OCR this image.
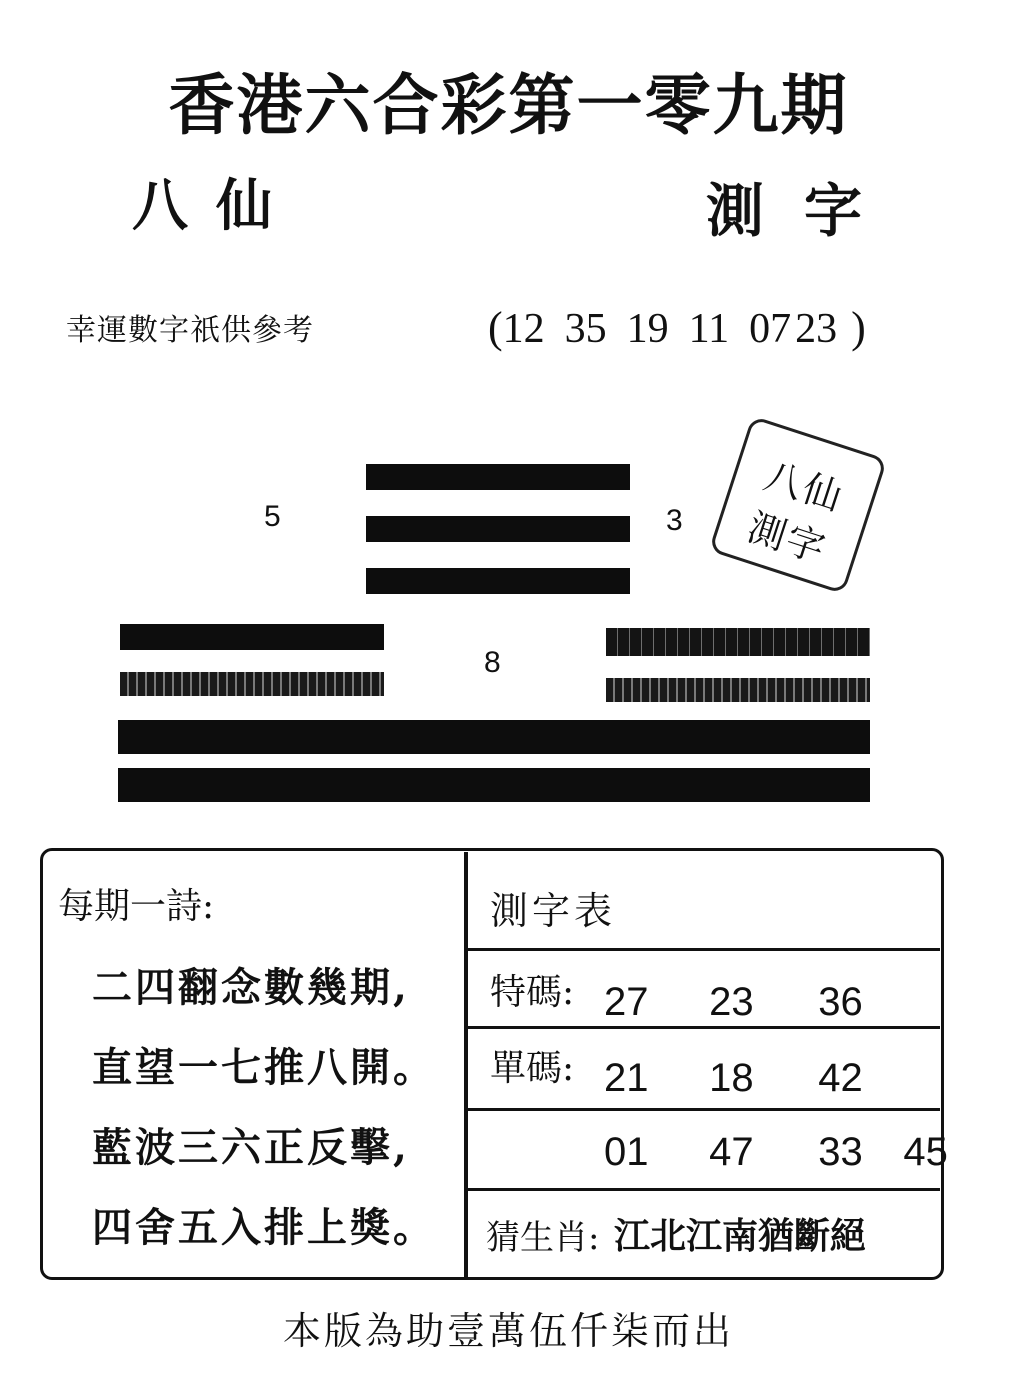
香港六合彩第一零九期
八仙	測字
幸運數字祇供參考	( 12 35 19 11 07 23 )
5	3
8
八仙
測字
每期一詩:
二四翻念數幾期,
直望一七推八開。
藍波三六正反擊,
四舍五入排上獎。
測字表
特碼: 27 23 36
單碼: 21 18 42
01 47 33 45
猜生肖: 江北江南猶斷絕
本版為助壹萬伍仟柒而出
